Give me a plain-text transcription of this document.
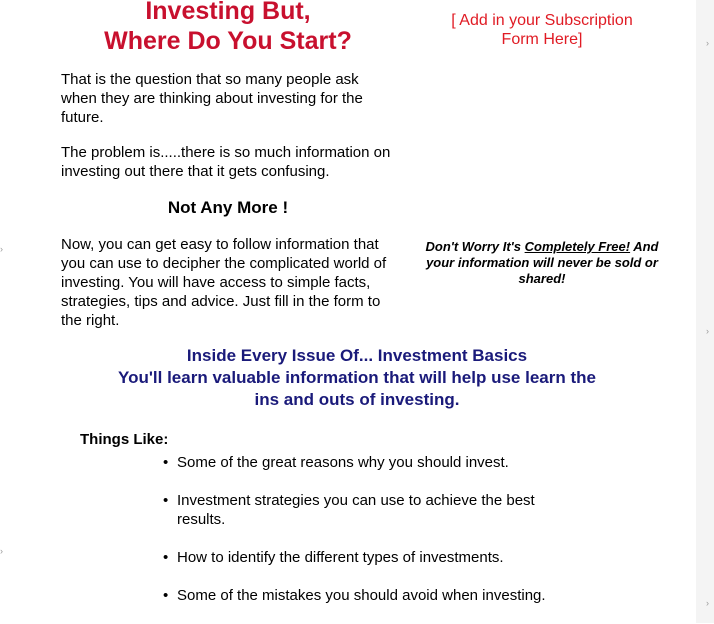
Investing But,
Where Do You Start?
[ Add in your Subscription
Form Here]

That is the question that so many people ask when they are thinking about investing for the future.

The problem is.....there is so much information on investing out there that it gets confusing.

Not Any More !

Now, you can get easy to follow information that you can use to decipher the complicated world of investing. You will have access to simple facts, strategies, tips and advice. Just fill in the form to the right.

Don't Worry It's Completely Free! And your information will never be sold or shared!
Inside Every Issue Of... Investment Basics
You'll learn valuable information that will help use learn the
ins and outs of investing.
Things Like:
• Some of the great reasons why you should invest.
• Investment strategies you can use to achieve the best results.
• How to identify the different types of investments.
• Some of the mistakes you should avoid when investing.
›
›
›
›
›
